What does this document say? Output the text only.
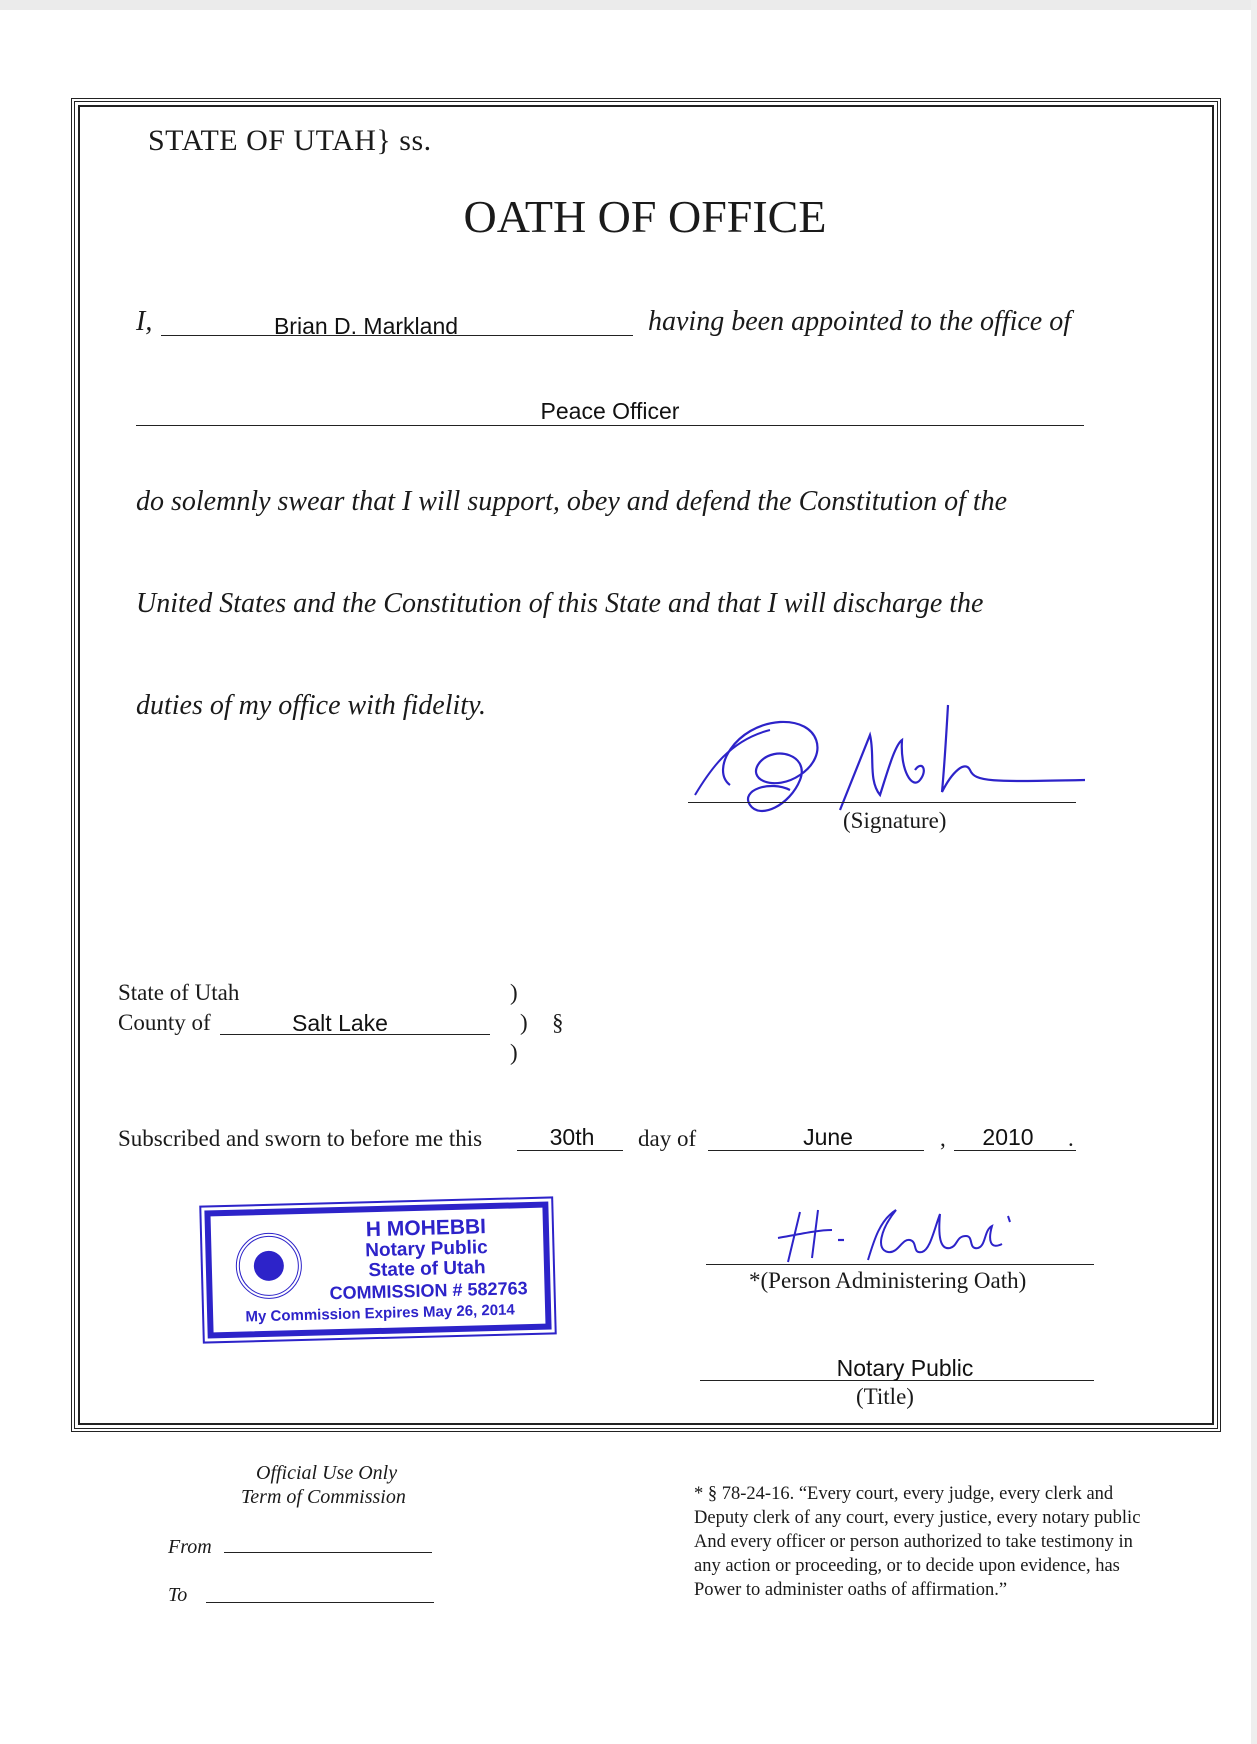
STATE OF UTAH} ss.
OATH OF OFFICE
I,	Brian D. Markland	having been appointed to the office of
Peace Officer
do solemnly swear that I will support, obey and defend the Constitution of the
United States and the Constitution of this State and that I will discharge the
duties of my office with fidelity.
(Signature)
State of Utah
County of	Salt Lake
)
) §
)
Subscribed and sworn to before me this	30th	day of	June	,	2010	.
H MOHEBBI
Notary Public
State of Utah
COMMISSION # 582763
My Commission Expires May 26, 2014
*(Person Administering Oath)
Notary Public
(Title)
Official Use Only
Term of Commission
From
To
* § 78-24-16. “Every court, every judge, every clerk and
Deputy clerk of any court, every justice, every notary public
And every officer or person authorized to take testimony in
any action or proceeding, or to decide upon evidence, has
Power to administer oaths of affirmation.”
